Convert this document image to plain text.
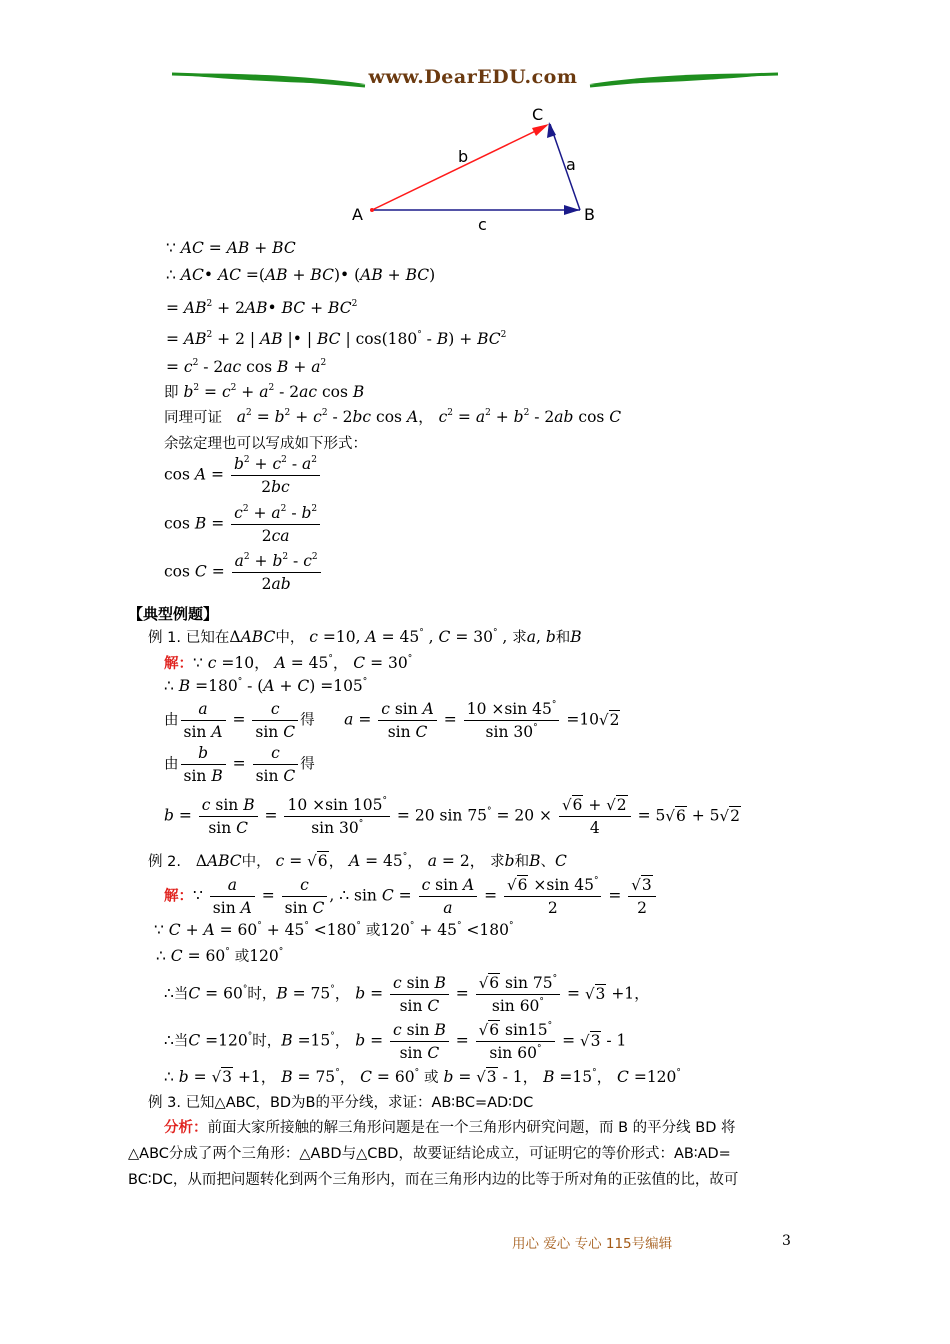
www.DearEDU.com
A	B
C
b	a
c
∵ AC = AB + BC
∴ AC• AC =(AB + BC)• (AB + BC)
= $AB^2$ + 2AB• BC + $BC^2$
= $AB^2 + 2$ | AB |• | BC | $\cos(180^\circ - B) + BC^2$
= $c^2 - 2ac$ $\cos B + a^2$
即 $b^2 = c^2 + a^2 - 2ac$ cos B
同理可证 $a^2 = b^2 + c^2 - 2bc$ cos A， $c^2 = a^2 + b^2 - 2ab$ cos C
余弦定理也可以写成如下形式：
$\cos A = \frac{b^2 + c^2 - a^2}{2bc}$
$\cos B = \frac{c^2 + a^2 - b^2}{2ca}$
$\cos C = \frac{a^2 + b^2 - c^2}{2ab}$
【典型例题】
例 1. 已知在ΔABC中， c =10, A = 45° , C = 30° , 求a, b和B
解：∵ c =10， A = 45°， C = 30°
∴ B =180° - (A + C) =105°
由 $\frac{a}{\text{sin A}} = \frac{c}{\text{sin C}}$ 得 $a = \frac{\text{c sin A}}{\text{sin C}} = \frac{10 \times\sin 45^\circ}{\sin 30^\circ} =10√2$
由 $\frac{b}{\text{sin B}} = \frac{c}{\text{sin C}}$ 得
$b = \frac{\text{c sin B}}{\text{sin C}} = \frac{10 \times\sin 105^\circ}{\sin 30^\circ} = 20$ $\sin 75^\circ = 20 \times \frac{√6 + √2}{4} = 5√6 + 5√2$
例 2.   ΔABC中， c = √6， A = 45°， a = 2， 求b和B、C
解：∵ $\frac{a}{\text{sin A}} = \frac{c}{\text{sin C}}$ , ∴ $\sin C = \frac{\text{c sin A}}{a} = \frac{√6 \times\sin 45^\circ}{2} = \frac{√3}{2}$
∵ C + A = 60° + 45° <180° 或120° + 45° <180°
∴ C = 60° 或120°
∴当C = 60°时，B = 75°， $b = \frac{\text{c sin B}}{\text{sin C}} = \frac{√6 \sin 75^\circ}{\sin 60^\circ} = √3 +1$，
∴当C =120°时，B =15°， $b = \frac{\text{c sin B}}{\text{sin C}} = \frac{√6 \sin 15^\circ}{\sin 60^\circ} = √3 - 1$
∴ b = √3 +1， B = 75°， C = 60° 或 b = √3 - 1， B =15°， C =120°
例 3. 已知△ABC，BD为B的平分线，求证：AB∶BC=AD∶DC
分析：前面大家所接触的解三角形问题是在一个三角形内研究问题，而 B 的平分线 BD 将
△ABC分成了两个三角形：△ABD与△CBD，故要证结论成立，可证明它的等价形式：AB∶AD=
BC∶DC，从而把问题转化到两个三角形内，而在三角形内边的比等于所对角的正弦值的比，故可
用心 爱心 专心 115号编辑	3
